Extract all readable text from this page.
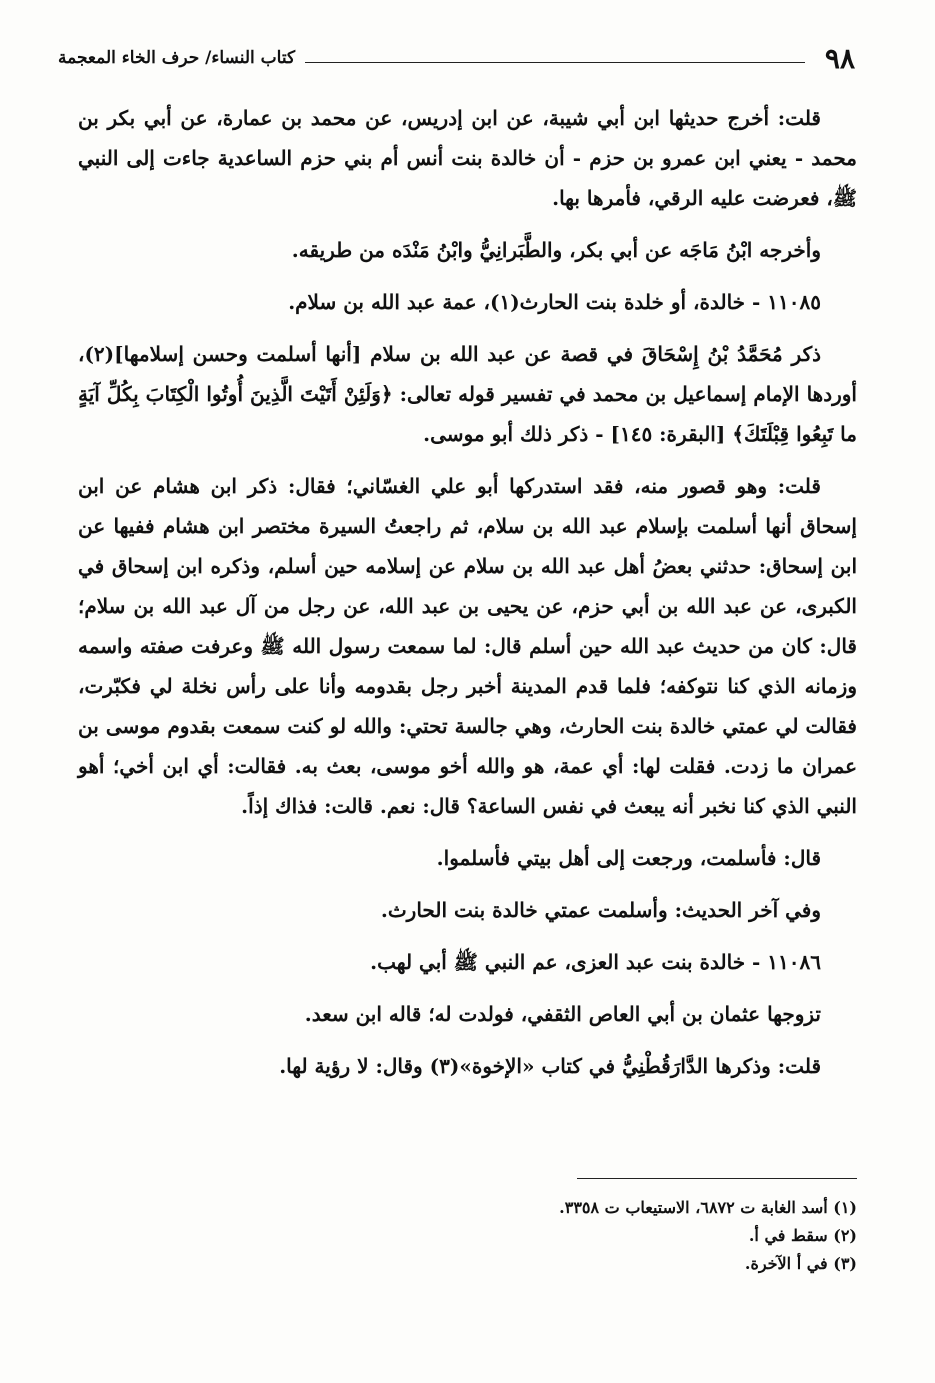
٩٨
كتاب النساء/ حرف الخاء المعجمة

قلت: أخرج حديثها ابن أبي شيبة، عن ابن إدريس، عن محمد بن عمارة، عن أبي بكر بن محمد - يعني ابن عمرو بن حزم - أن خالدة بنت أنس أم بني حزم الساعدية جاءت إلى النبي ﷺ، فعرضت عليه الرقي، فأمرها بها.

وأخرجه ابْنُ مَاجَه عن أبي بكر، والطَّبَرانِيُّ وابْنُ مَنْدَه من طريقه.

١١٠٨٥ - خالدة، أو خلدة بنت الحارث(١)، عمة عبد الله بن سلام.

ذكر مُحَمَّدُ بْنُ إِسْحَاقَ في قصة عن عبد الله بن سلام [أنها أسلمت وحسن إسلامها](٢)، أوردها الإمام إسماعيل بن محمد في تفسير قوله تعالى: ﴿وَلَئِنْ أَتَيْتَ الَّذِينَ أُوتُوا الْكِتَابَ بِكُلِّ آيَةٍ ما تَبِعُوا قِبْلَتَكَ﴾ [البقرة: ١٤٥] - ذكر ذلك أبو موسى.

قلت: وهو قصور منه، فقد استدركها أبو علي الغسّاني؛ فقال: ذكر ابن هشام عن ابن إسحاق أنها أسلمت بإسلام عبد الله بن سلام، ثم راجعتُ السيرة مختصر ابن هشام ففيها عن ابن إسحاق: حدثني بعضُ أهل عبد الله بن سلام عن إسلامه حين أسلم، وذكره ابن إسحاق في الكبرى، عن عبد الله بن أبي حزم، عن يحيى بن عبد الله، عن رجل من آل عبد الله بن سلام؛ قال: كان من حديث عبد الله حين أسلم قال: لما سمعت رسول الله ﷺ وعرفت صفته واسمه وزمانه الذي كنا نتوكفه؛ فلما قدم المدينة أخبر رجل بقدومه وأنا على رأس نخلة لي فكبّرت، فقالت لي عمتي خالدة بنت الحارث، وهي جالسة تحتي: والله لو كنت سمعت بقدوم موسى بن عمران ما زدت. فقلت لها: أي عمة، هو والله أخو موسى، بعث به. فقالت: أي ابن أخي؛ أهو النبي الذي كنا نخبر أنه يبعث في نفس الساعة؟ قال: نعم. قالت: فذاك إذاً.

قال: فأسلمت، ورجعت إلى أهل بيتي فأسلموا.

وفي آخر الحديث: وأسلمت عمتي خالدة بنت الحارث.

١١٠٨٦ - خالدة بنت عبد العزى، عم النبي ﷺ أبي لهب.

تزوجها عثمان بن أبي العاص الثقفي، فولدت له؛ قاله ابن سعد.

قلت: وذكرها الدَّارَقُطْنِيُّ في كتاب «الإخوة»(٣) وقال: لا رؤية لها.

(١) أسد الغابة ت ٦٨٧٢، الاستيعاب ت ٣٣٥٨.
(٢) سقط في أ.
(٣) في أ الآخرة.
